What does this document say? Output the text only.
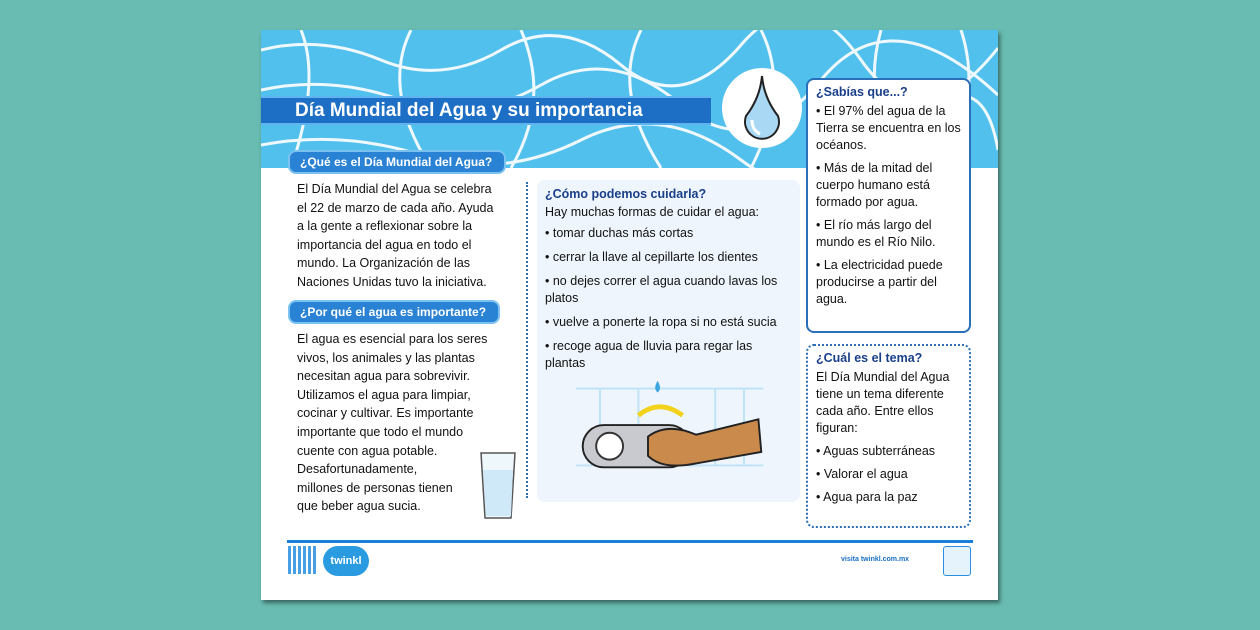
Día Mundial del Agua y su importancia
¿Qué es el Día Mundial del Agua?
El Día Mundial del Agua se celebra
el 22 de marzo de cada año. Ayuda
a la gente a reflexionar sobre la
importancia del agua en todo el
mundo. La Organización de las
Naciones Unidas tuvo la iniciativa.
¿Por qué el agua es importante?
El agua es esencial para los seres
vivos, los animales y las plantas
necesitan agua para sobrevivir.
Utilizamos el agua para limpiar,
cocinar y cultivar. Es importante
importante que todo el mundo
cuente con agua potable.
Desafortunadamente,
millones de personas tienen
que beber agua sucia.
¿Cómo podemos cuidarla?
Hay muchas formas de cuidar el agua:
• tomar duchas más cortas
• cerrar la llave al cepillarte los dientes
• no dejes correr el agua cuando lavas los platos
• vuelve a ponerte la ropa si no está sucia
• recoge agua de lluvia para regar las plantas
¿Sabías que...?
• El 97% del agua de la Tierra se encuentra en los océanos.
• Más de la mitad del cuerpo humano está formado por agua.
• El río más largo del mundo es el Río Nilo.
• La electricidad puede producirse a partir del agua.
¿Cuál es el tema?

El Día Mundial del Agua tiene un tema diferente cada año. Entre ellos figuran:

• Aguas subterráneas
• Valorar el agua
• Agua para la paz
twinkl	visita twinkl.com.mx
